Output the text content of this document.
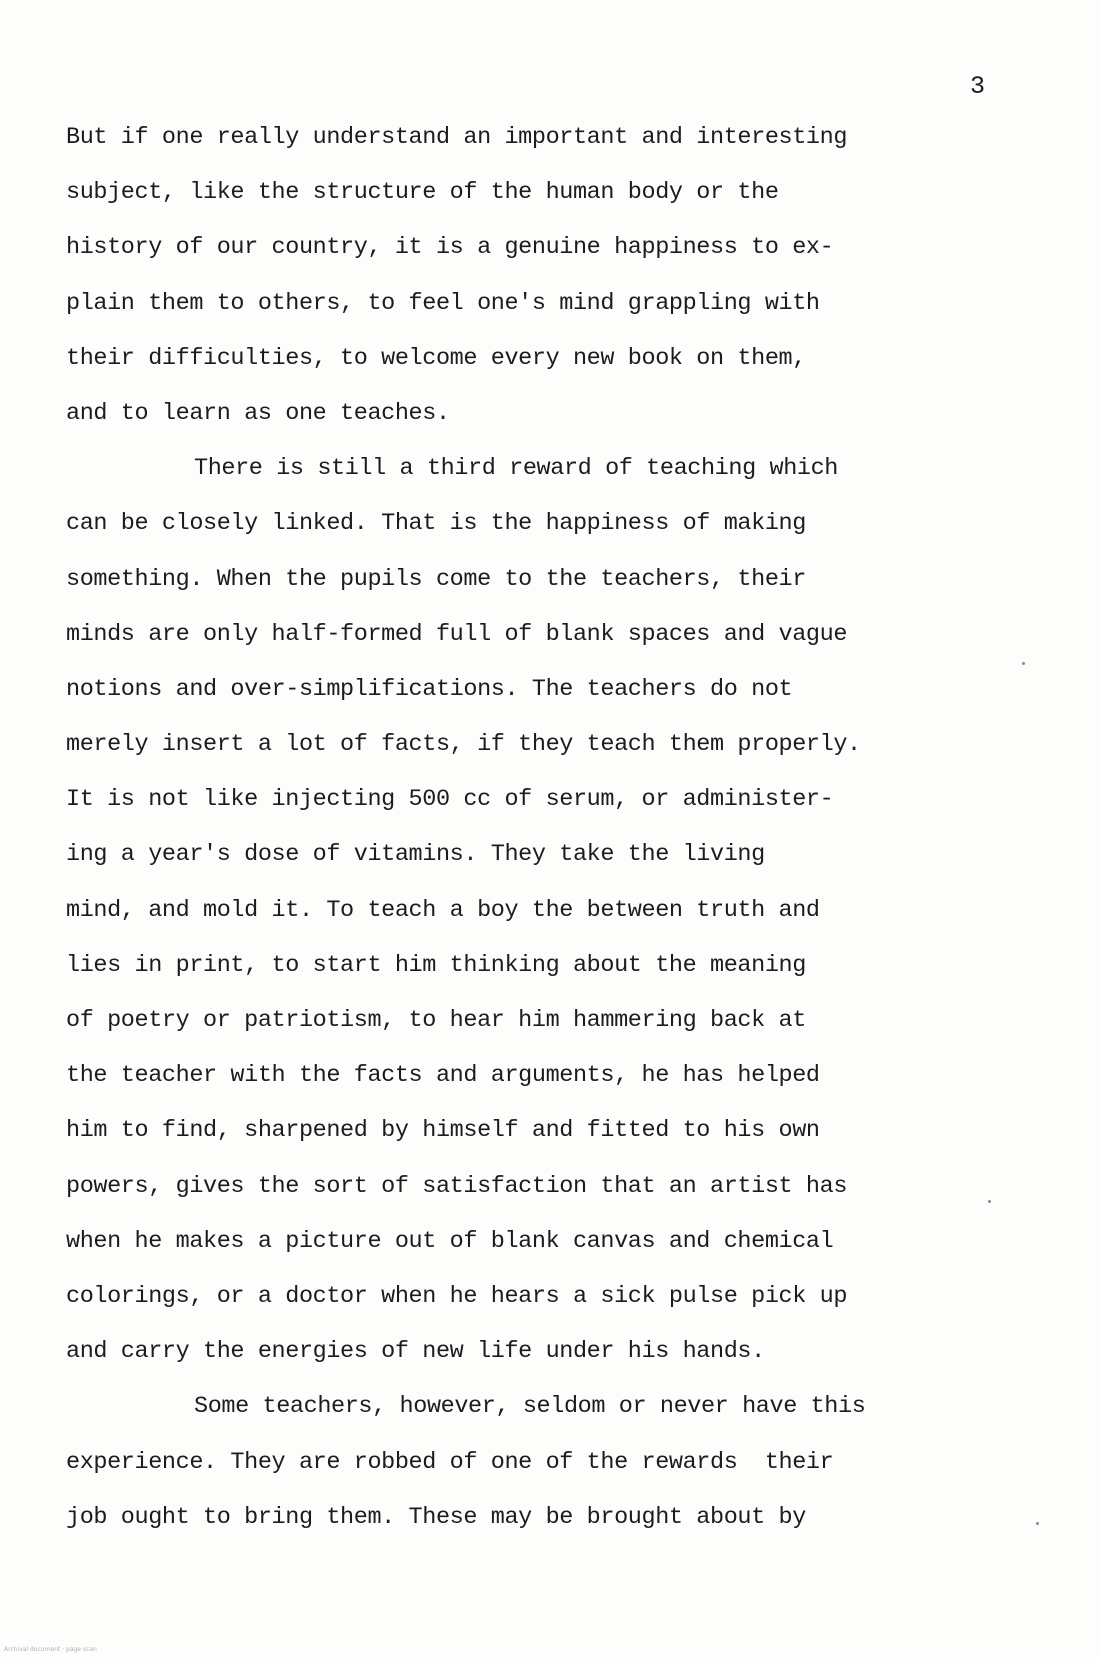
3
But if one really understand an important and interesting
subject, like the structure of the human body or the
history of our country, it is a genuine happiness to ex-
plain them to others, to feel one's mind grappling with
their difficulties, to welcome every new book on them,
and to learn as one teaches.
There is still a third reward of teaching which
can be closely linked. That is the happiness of making
something. When the pupils come to the teachers, their
minds are only half-formed full of blank spaces and vague
notions and over-simplifications. The teachers do not
merely insert a lot of facts, if they teach them properly.
It is not like injecting 500 cc of serum, or administer-
ing a year's dose of vitamins. They take the living
mind, and mold it. To teach a boy the between truth and
lies in print, to start him thinking about the meaning
of poetry or patriotism, to hear him hammering back at
the teacher with the facts and arguments, he has helped
him to find, sharpened by himself and fitted to his own
powers, gives the sort of satisfaction that an artist has
when he makes a picture out of blank canvas and chemical
colorings, or a doctor when he hears a sick pulse pick up
and carry the energies of new life under his hands.
Some teachers, however, seldom or never have this
experience. They are robbed of one of the rewards  their
job ought to bring them. These may be brought about by
Archival document · page scan
